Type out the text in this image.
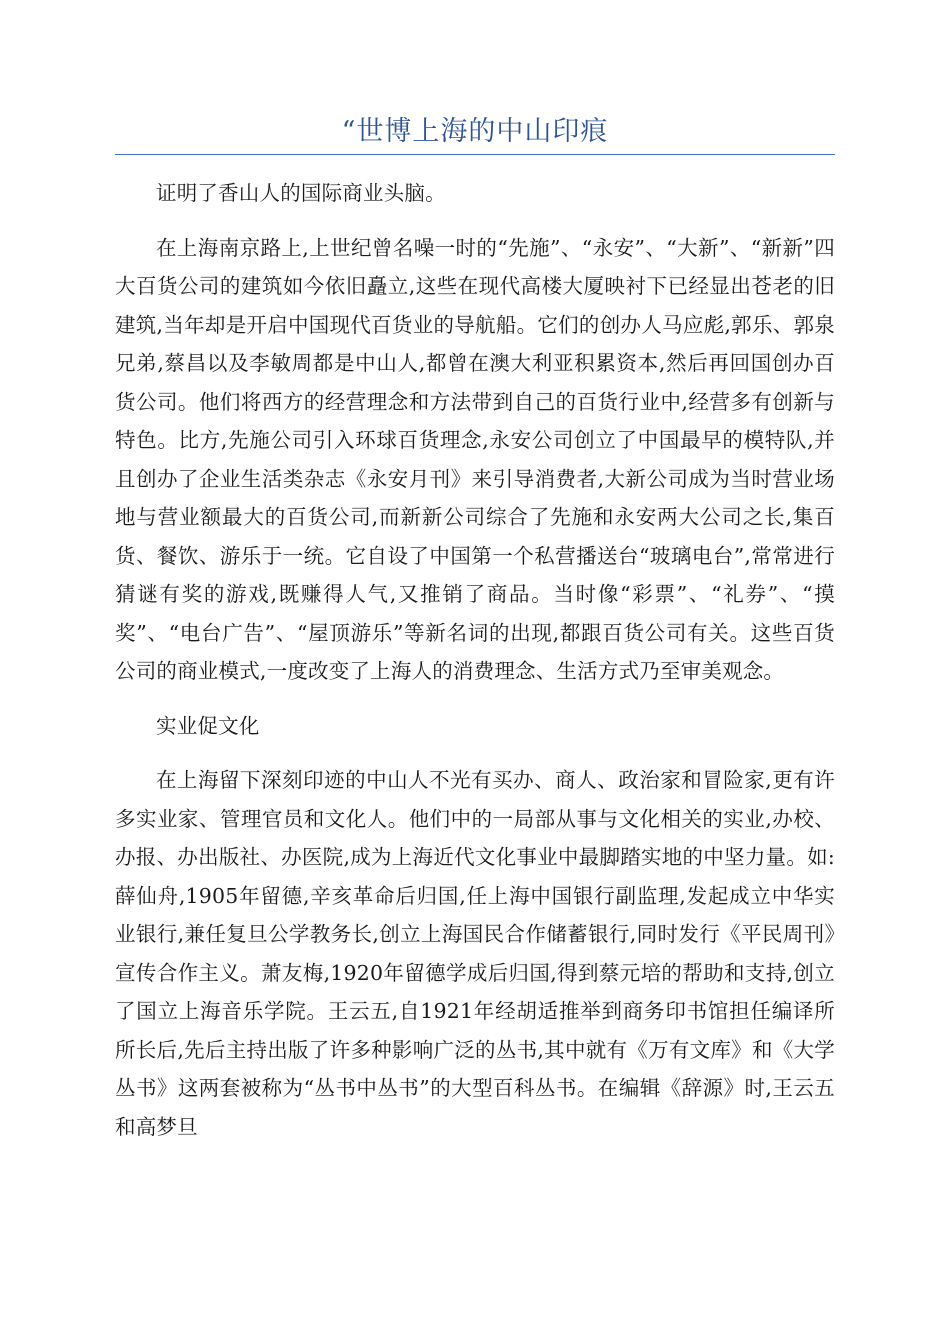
“世博上海的中山印痕

证明了香山人的国际商业头脑。

在上海南京路上,上世纪曾名噪一时的“先施”、“永安”、“大新”、“新新”四大百货公司的建筑如今依旧矗立,这些在现代高楼大厦映衬下已经显出苍老的旧建筑,当年却是开启中国现代百货业的导航船。它们的创办人马应彪,郭乐、郭泉兄弟,蔡昌以及李敏周都是中山人,都曾在澳大利亚积累资本,然后再回国创办百货公司。他们将西方的经营理念和方法带到自己的百货行业中,经营多有创新与特色。比方,先施公司引入环球百货理念,永安公司创立了中国最早的模特队,并且创办了企业生活类杂志《永安月刊》来引导消费者,大新公司成为当时营业场地与营业额最大的百货公司,而新新公司综合了先施和永安两大公司之长,集百货、餐饮、游乐于一统。它自设了中国第一个私营播送台“玻璃电台”,常常进行猜谜有奖的游戏,既赚得人气,又推销了商品。当时像“彩票”、“礼券”、“摸奖”、“电台广告”、“屋顶游乐”等新名词的出现,都跟百货公司有关。这些百货公司的商业模式,一度改变了上海人的消费理念、生活方式乃至审美观念。

实业促文化

在上海留下深刻印迹的中山人不光有买办、商人、政治家和冒险家,更有许多实业家、管理官员和文化人。他们中的一局部从事与文化相关的实业,办校、办报、办出版社、办医院,成为上海近代文化事业中最脚踏实地的中坚力量。如:薛仙舟,1905年留德,辛亥革命后归国,任上海中国银行副监理,发起成立中华实业银行,兼任复旦公学教务长,创立上海国民合作储蓄银行,同时发行《平民周刊》宣传合作主义。萧友梅,1920年留德学成后归国,得到蔡元培的帮助和支持,创立了国立上海音乐学院。王云五,自1921年经胡适推举到商务印书馆担任编译所所长后,先后主持出版了许多种影响广泛的丛书,其中就有《万有文库》和《大学丛书》这两套被称为“丛书中丛书”的大型百科丛书。在编辑《辞源》时,王云五和高梦旦
